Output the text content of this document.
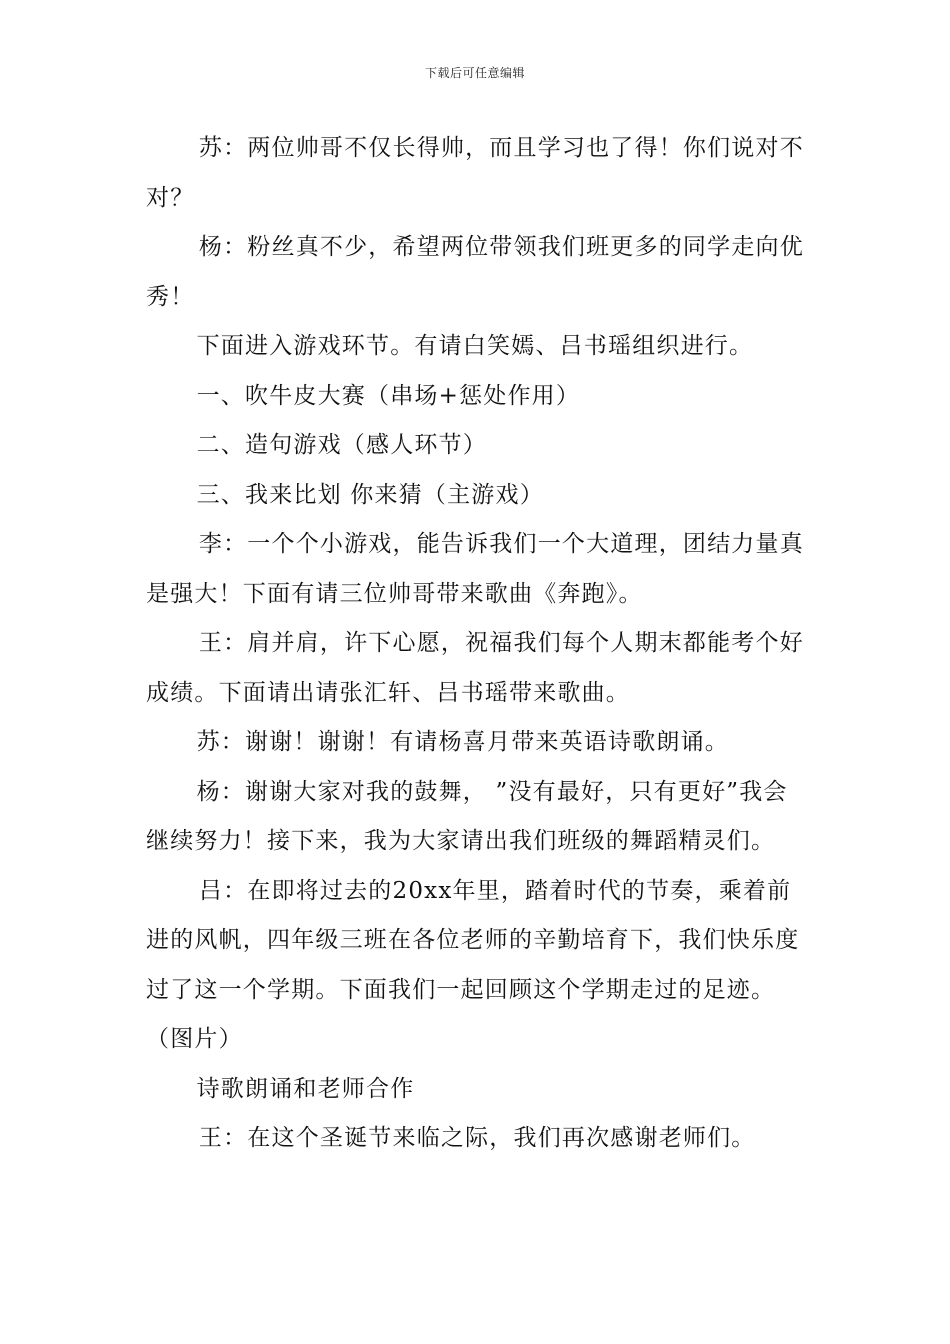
下载后可任意编辑

苏：两位帅哥不仅长得帅，而且学习也了得！你们说对不对？

杨：粉丝真不少，希望两位带领我们班更多的同学走向优秀！

下面进入游戏环节。有请白笑嫣、吕书瑶组织进行。

一、吹牛皮大赛（串场+惩处作用）

二、造句游戏（感人环节）

三、我来比划 你来猜（主游戏）

李：一个个小游戏，能告诉我们一个大道理，团结力量真是强大！下面有请三位帅哥带来歌曲《奔跑》。

王：肩并肩，许下心愿，祝福我们每个人期末都能考个好成绩。下面请出请张汇轩、吕书瑶带来歌曲。

苏：谢谢！谢谢！有请杨喜月带来英语诗歌朗诵。

杨：谢谢大家对我的鼓舞， ”没有最好，只有更好”我会继续努力！接下来，我为大家请出我们班级的舞蹈精灵们。

吕：在即将过去的20xx年里，踏着时代的节奏，乘着前进的风帆，四年级三班在各位老师的辛勤培育下，我们快乐度过了这一个学期。下面我们一起回顾这个学期走过的足迹。（图片）

诗歌朗诵和老师合作

王：在这个圣诞节来临之际，我们再次感谢老师们。
